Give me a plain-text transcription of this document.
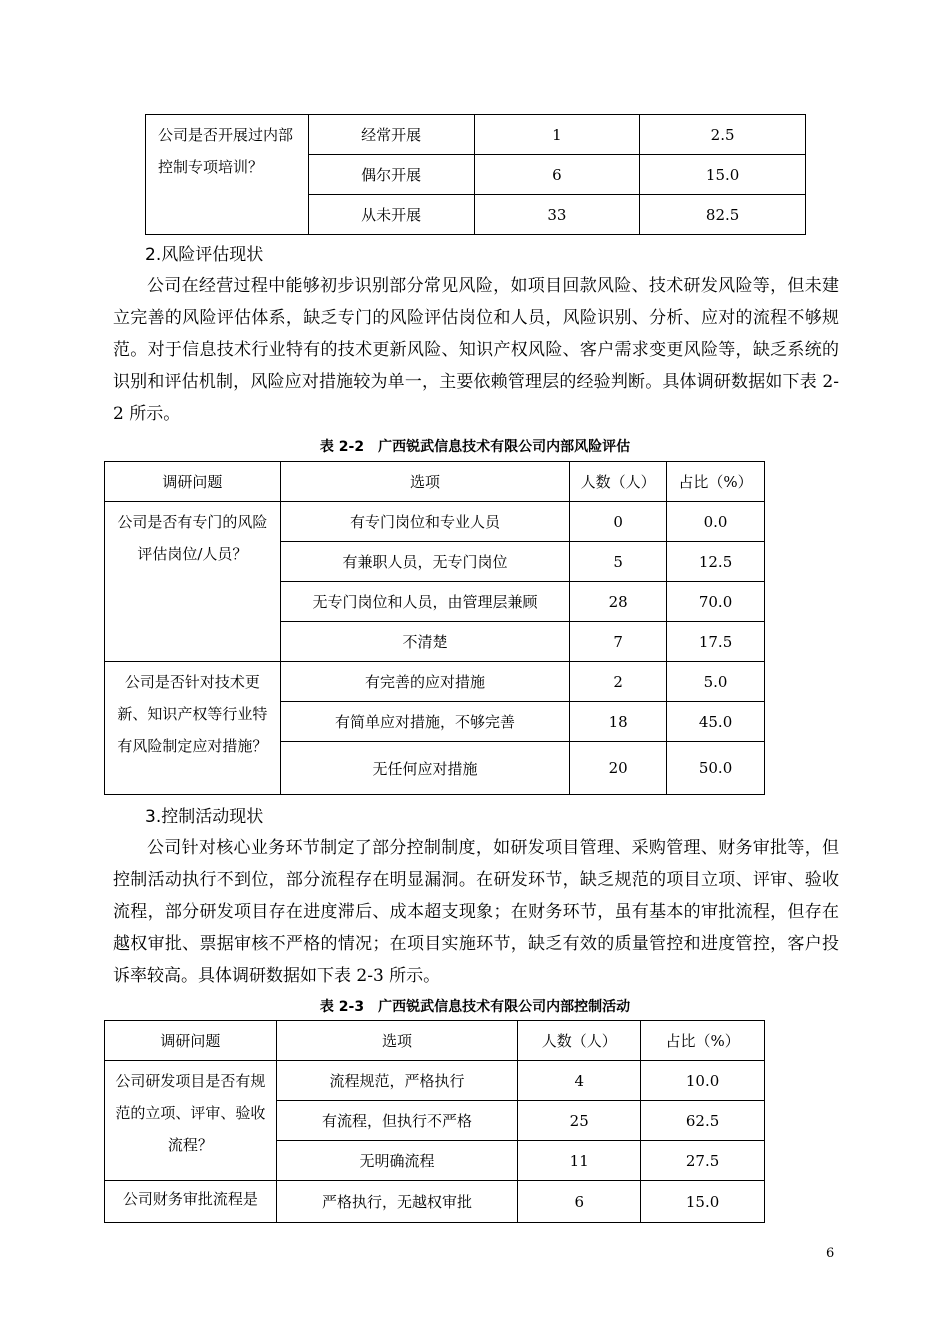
公司是否开展过内部控制专项培训？	经常开展	1	2.5
	偶尔开展	6	15.0
	从未开展	33	82.5
2.风险评估现状

公司在经营过程中能够初步识别部分常见风险，如项目回款风险、技术研发风险等，但未建立完善的风险评估体系，缺乏专门的风险评估岗位和人员，风险识别、分析、应对的流程不够规范。对于信息技术行业特有的技术更新风险、知识产权风险、客户需求变更风险等，缺乏系统的识别和评估机制，风险应对措施较为单一，主要依赖管理层的经验判断。具体调研数据如下表 2-2 所示。

表 2-2　广西锐武信息技术有限公司内部风险评估
调研问题	选项	人数（人）	占比（%）
公司是否有专门的风险评估岗位/人员？	有专门岗位和专业人员	0	0.0
	有兼职人员，无专门岗位	5	12.5
	无专门岗位和人员，由管理层兼顾	28	70.0
	不清楚	7	17.5
公司是否针对技术更新、知识产权等行业特有风险制定应对措施？	有完善的应对措施	2	5.0
	有简单应对措施，不够完善	18	45.0
	无任何应对措施	20	50.0
3.控制活动现状

公司针对核心业务环节制定了部分控制制度，如研发项目管理、采购管理、财务审批等，但控制活动执行不到位，部分流程存在明显漏洞。在研发环节，缺乏规范的项目立项、评审、验收流程，部分研发项目存在进度滞后、成本超支现象；在财务环节，虽有基本的审批流程，但存在越权审批、票据审核不严格的情况；在项目实施环节，缺乏有效的质量管控和进度管控，客户投诉率较高。具体调研数据如下表 2-3 所示。

表 2-3　广西锐武信息技术有限公司内部控制活动
调研问题	选项	人数（人）	占比（%）
公司研发项目是否有规范的立项、评审、验收流程？	流程规范，严格执行	4	10.0
	有流程，但执行不严格	25	62.5
	无明确流程	11	27.5
公司财务审批流程是	严格执行，无越权审批	6	15.0
6
